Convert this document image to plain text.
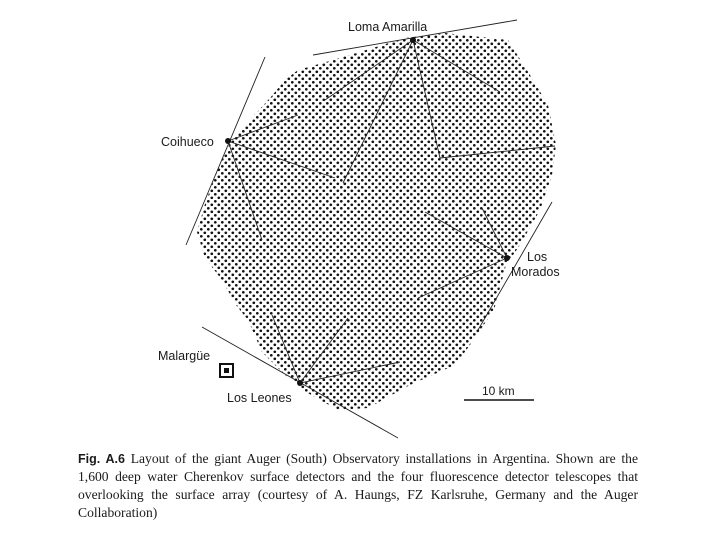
Loma Amarilla
Coihueco
Los
Morados
Malargüe
Los Leones	10 km
Fig. A.6 Layout of the giant Auger (South) Observatory installations in Argentina. Shown are the 1,600 deep water Cherenkov surface detectors and the four fluorescence detector telescopes that overlooking the surface array (courtesy of A. Haungs, FZ Karlsruhe, Germany and the Auger Collaboration)
